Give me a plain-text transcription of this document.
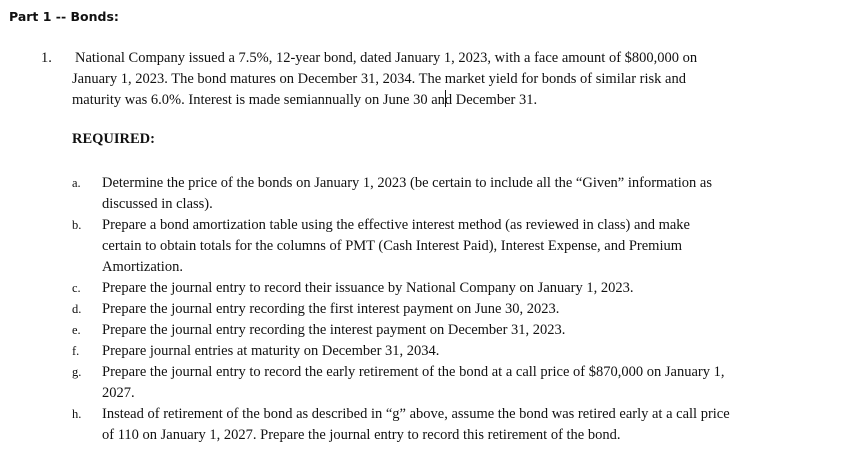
Part 1 -- Bonds:
1. National Company issued a 7.5%, 12-year bond, dated January 1, 2023, with a face amount of $800,000 on
January 1, 2023. The bond matures on December 31, 2034. The market yield for bonds of similar risk and
maturity was 6.0%. Interest is made semiannually on June 30 and December 31.
REQUIRED:
a.	Determine the price of the bonds on January 1, 2023 (be certain to include all the “Given” information as
discussed in class).
b.	Prepare a bond amortization table using the effective interest method (as reviewed in class) and make
certain to obtain totals for the columns of PMT (Cash Interest Paid), Interest Expense, and Premium
Amortization.
c.	Prepare the journal entry to record their issuance by National Company on January 1, 2023.
d.	Prepare the journal entry recording the first interest payment on June 30, 2023.
e.	Prepare the journal entry recording the interest payment on December 31, 2023.
f.	Prepare journal entries at maturity on December 31, 2034.
g.	Prepare the journal entry to record the early retirement of the bond at a call price of $870,000 on January 1,
2027.
h.	Instead of retirement of the bond as described in “g” above, assume the bond was retired early at a call price
of 110 on January 1, 2027. Prepare the journal entry to record this retirement of the bond.
